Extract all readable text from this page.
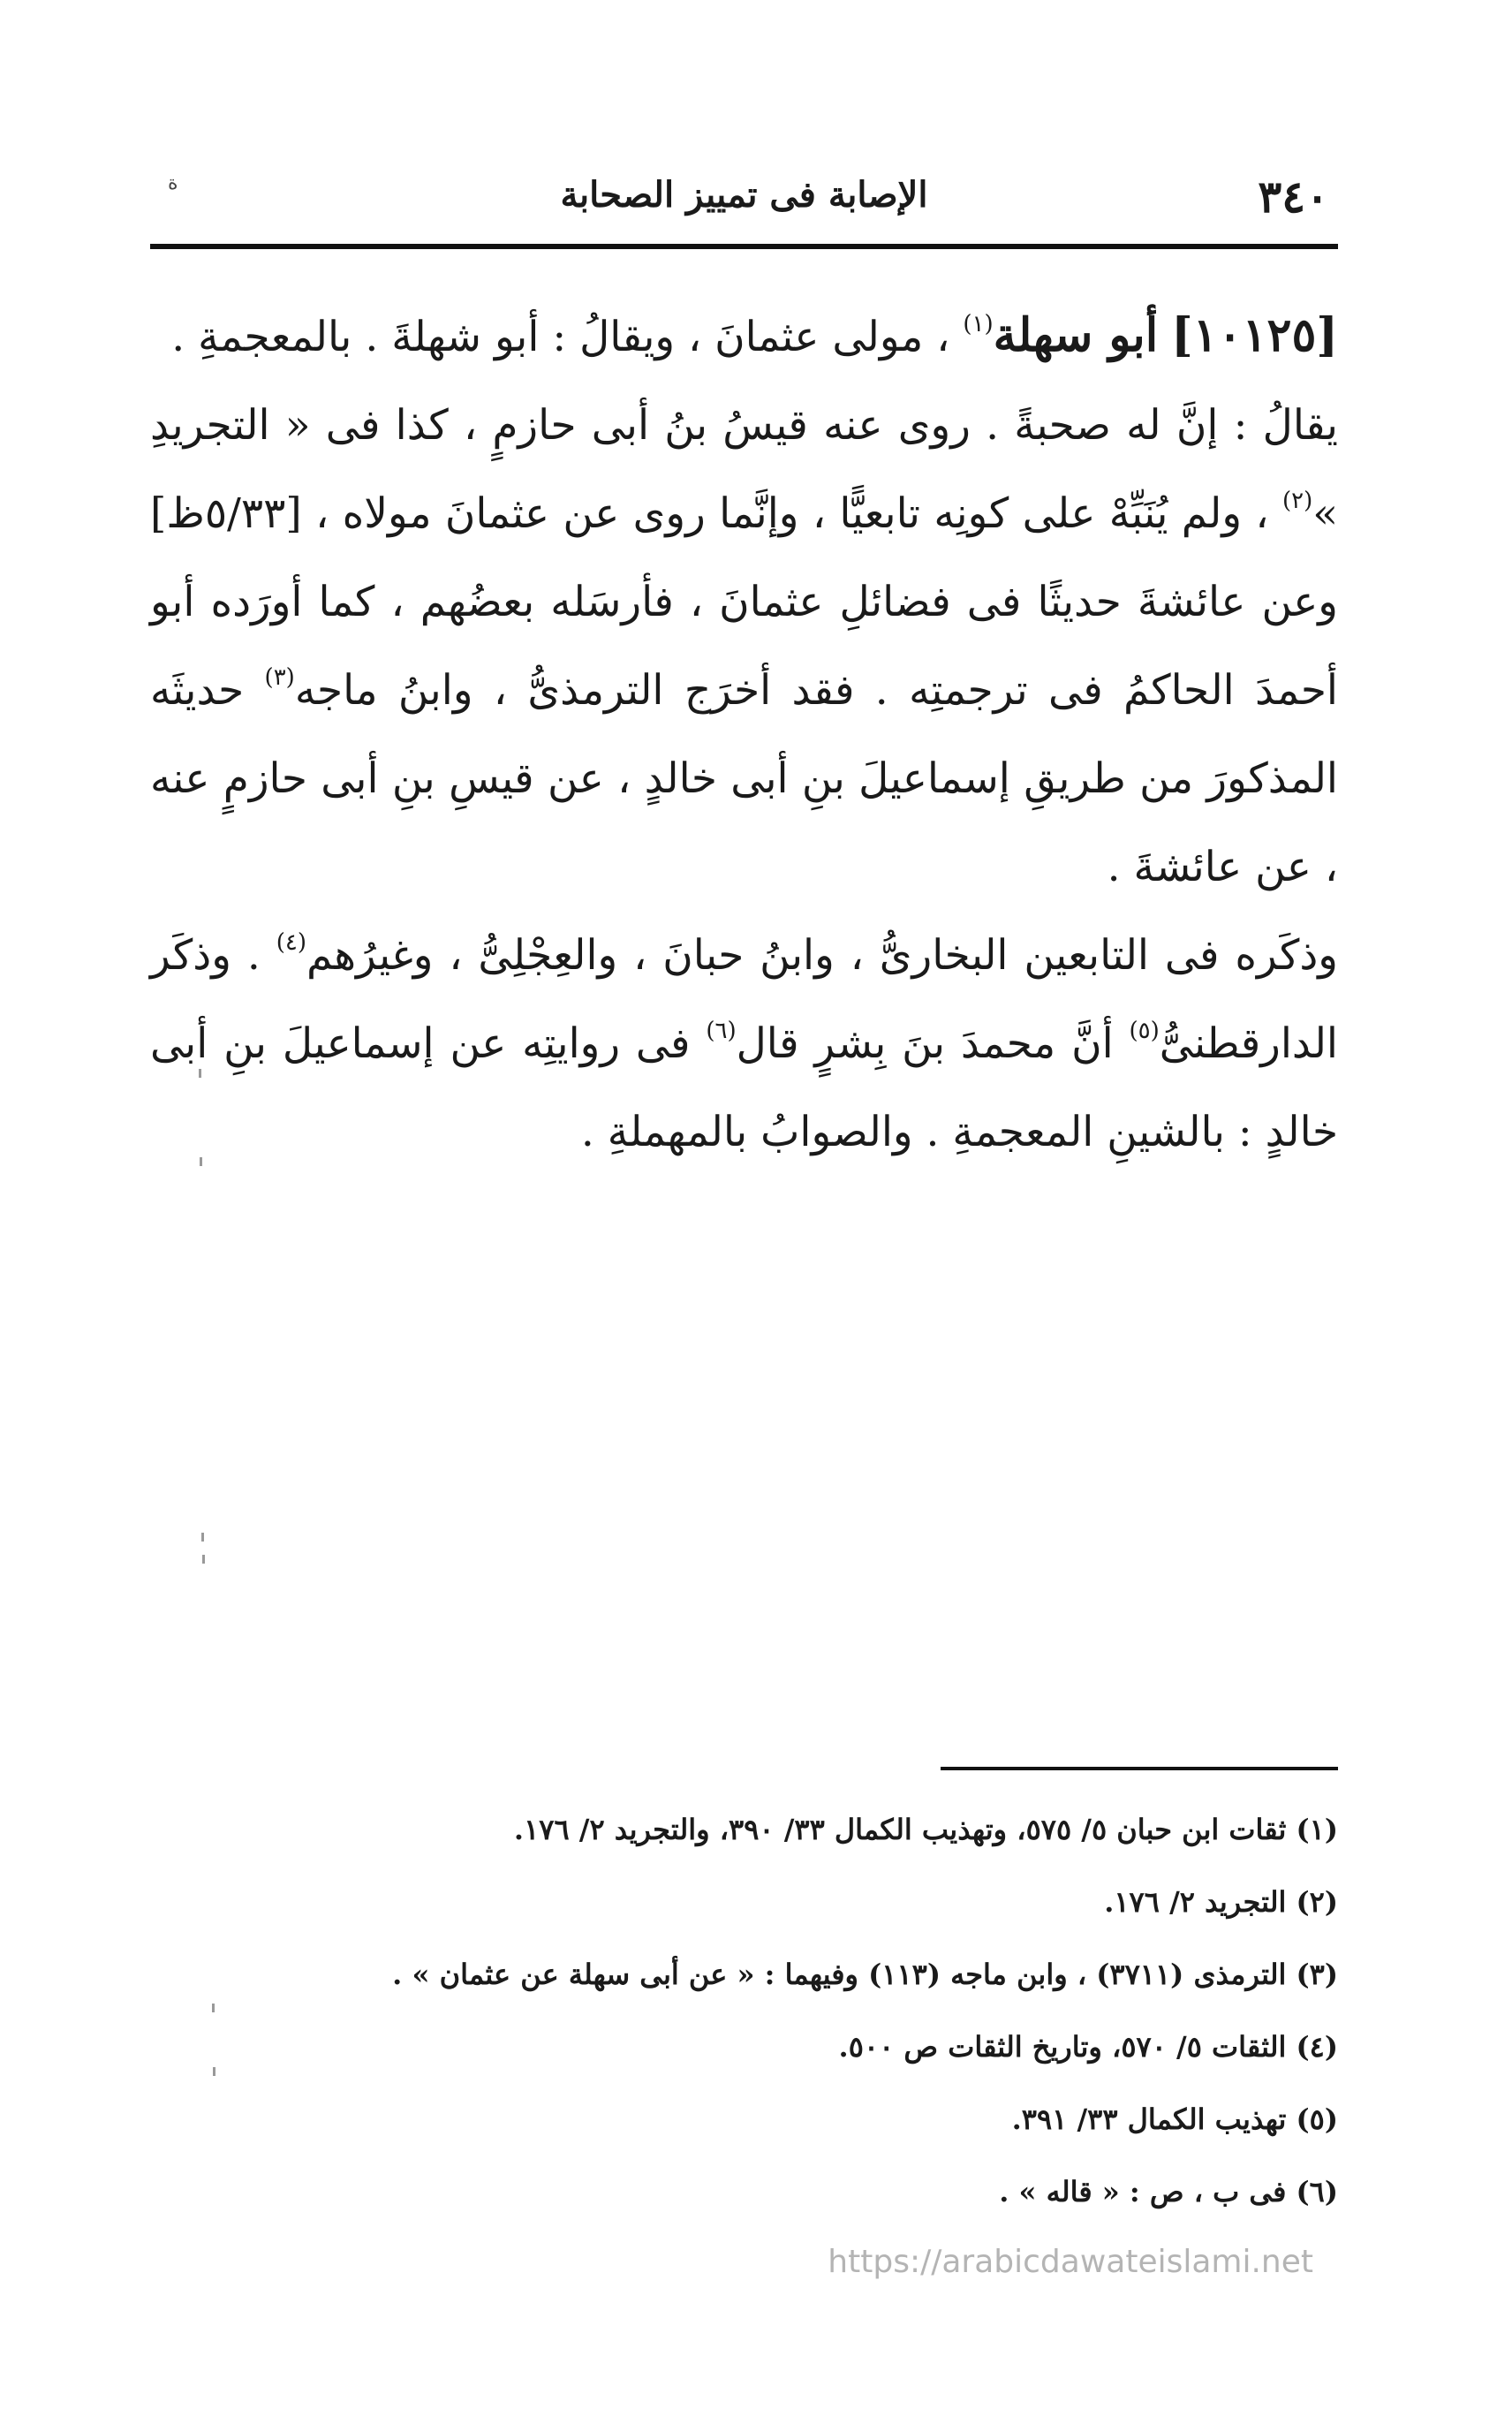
٣٤٠
الإصابة فى تمييز الصحابة
ة

[١٠١٢٥] أبو سهلة$^{(١)}$ ، مولى عثمانَ ، ويقالُ : أبو شهلةَ . بالمعجمةِ .

يقالُ : إنَّ له صحبةً . روى عنه قيسُ بنُ أبى حازمٍ ، كذا فى « التجريدِ »$^{(٢)}$ ، ولم يُنَبِّهْ على كونِه تابعيًّا ، وإنَّما روى عن عثمانَ مولاه ، [٥/٣٣ظ] وعن عائشةَ حديثًا فى فضائلِ عثمانَ ، فأرسَله بعضُهم ، كما أورَده أبو أحمدَ الحاكمُ فى ترجمتِه . فقد أخرَج الترمذىُّ ، وابنُ ماجه$^{(٣)}$ حديثَه المذكورَ من طريقِ إسماعيلَ بنِ أبى خالدٍ ، عن قيسِ بنِ أبى حازمٍ عنه ، عن عائشةَ .

وذكَره فى التابعين البخارىُّ ، وابنُ حبانَ ، والعِجْلِىُّ ، وغيرُهم$^{(٤)}$ . وذكَر الدارقطنىُّ$^{(٥)}$ أنَّ محمدَ بنَ بِشرٍ قال$^{(٦)}$ فى روايتِه عن إسماعيلَ بنِ أبى خالدٍ : بالشينِ المعجمةِ . والصوابُ بالمهملةِ .

(١) ثقات ابن حبان ٥/ ٥٧٥، وتهذيب الكمال ٣٣/ ٣٩٠، والتجريد ٢/ ١٧٦.
(٢) التجريد ٢/ ١٧٦.
(٣) الترمذى (٣٧١١) ، وابن ماجه (١١٣) وفيهما : « عن أبى سهلة عن عثمان » .
(٤) الثقات ٥/ ٥٧٠، وتاريخ الثقات ص ٥٠٠.
(٥) تهذيب الكمال ٣٣/ ٣٩١.
(٦) فى ب ، ص : « قاله » .
https://arabicdawateislami.net
